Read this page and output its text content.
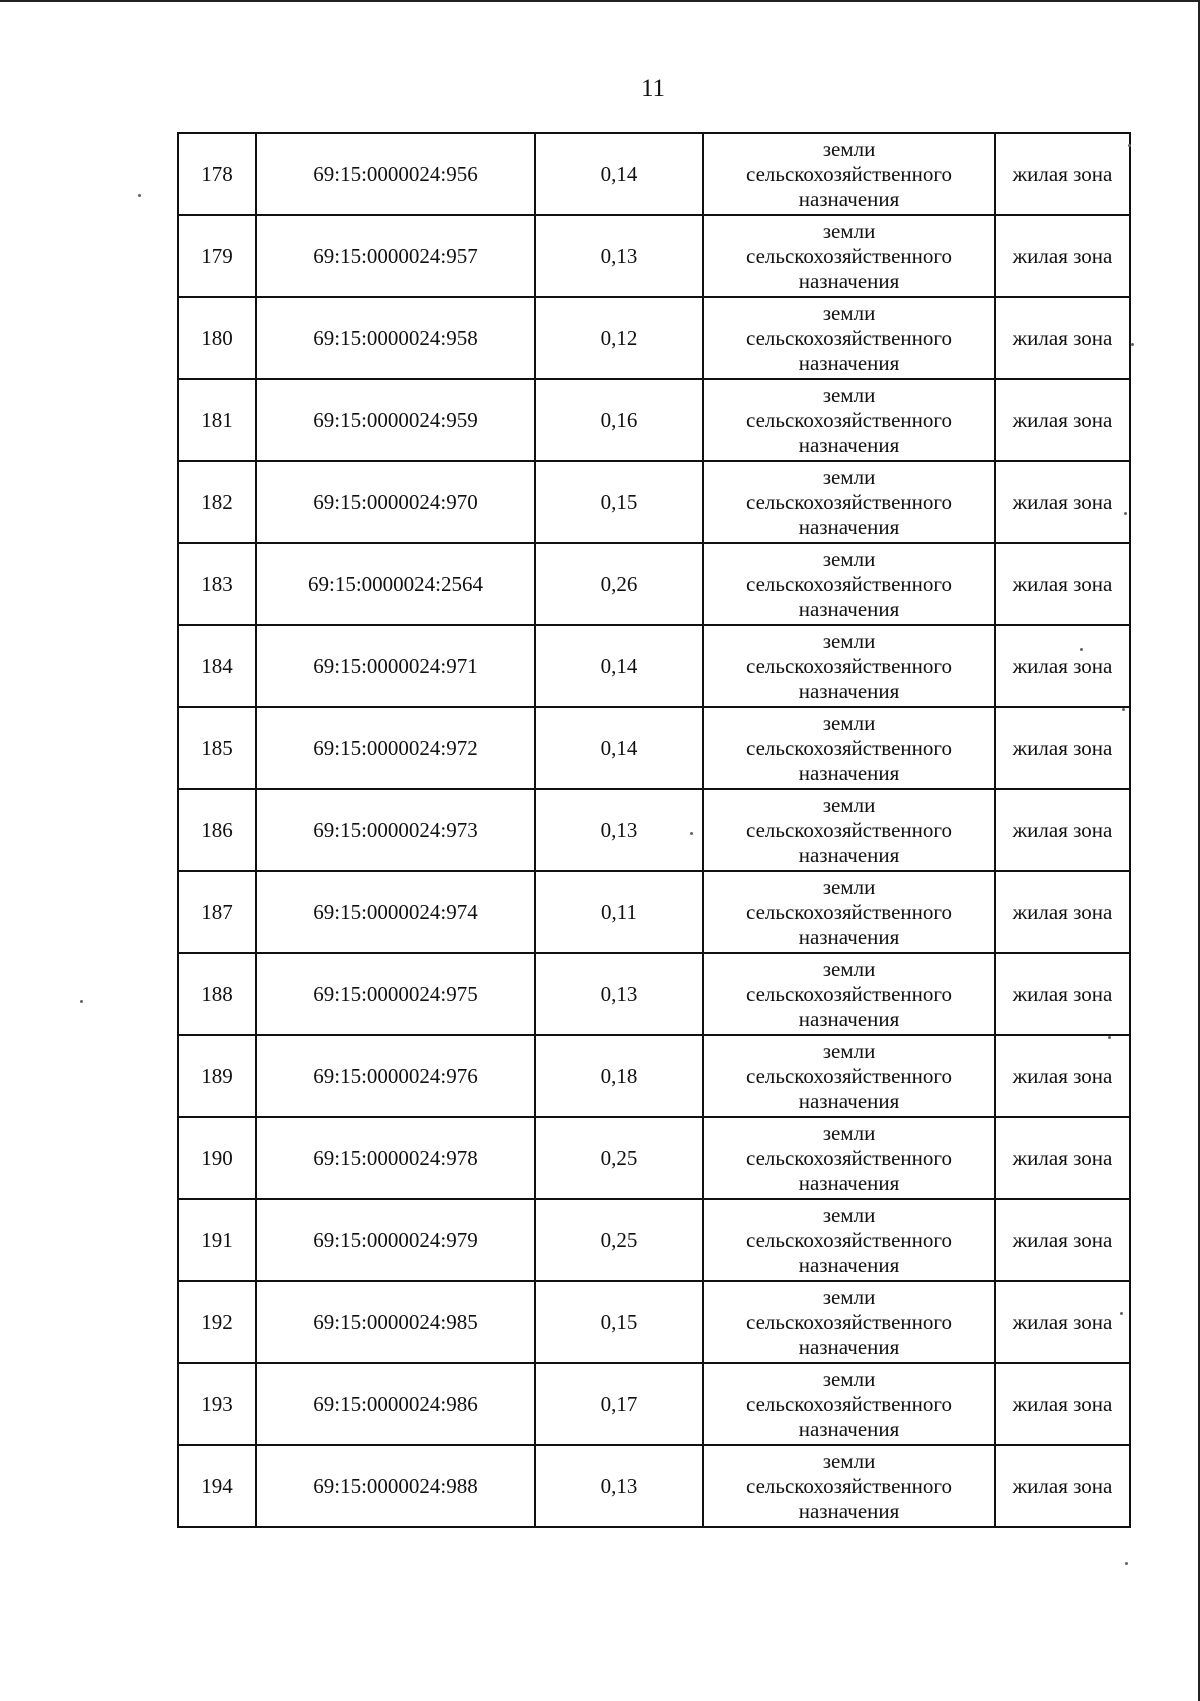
11
178	69:15:0000024:956	0,14	земли
сельскохозяйственного
назначения	жилая зона
179	69:15:0000024:957	0,13	земли
сельскохозяйственного
назначения	жилая зона
180	69:15:0000024:958	0,12	земли
сельскохозяйственного
назначения	жилая зона
181	69:15:0000024:959	0,16	земли
сельскохозяйственного
назначения	жилая зона
182	69:15:0000024:970	0,15	земли
сельскохозяйственного
назначения	жилая зона
183	69:15:0000024:2564	0,26	земли
сельскохозяйственного
назначения	жилая зона
184	69:15:0000024:971	0,14	земли
сельскохозяйственного
назначения	жилая зона
185	69:15:0000024:972	0,14	земли
сельскохозяйственного
назначения	жилая зона
186	69:15:0000024:973	0,13	земли
сельскохозяйственного
назначения	жилая зона
187	69:15:0000024:974	0,11	земли
сельскохозяйственного
назначения	жилая зона
188	69:15:0000024:975	0,13	земли
сельскохозяйственного
назначения	жилая зона
189	69:15:0000024:976	0,18	земли
сельскохозяйственного
назначения	жилая зона
190	69:15:0000024:978	0,25	земли
сельскохозяйственного
назначения	жилая зона
191	69:15:0000024:979	0,25	земли
сельскохозяйственного
назначения	жилая зона
192	69:15:0000024:985	0,15	земли
сельскохозяйственного
назначения	жилая зона
193	69:15:0000024:986	0,17	земли
сельскохозяйственного
назначения	жилая зона
194	69:15:0000024:988	0,13	земли
сельскохозяйственного
назначения	жилая зона
